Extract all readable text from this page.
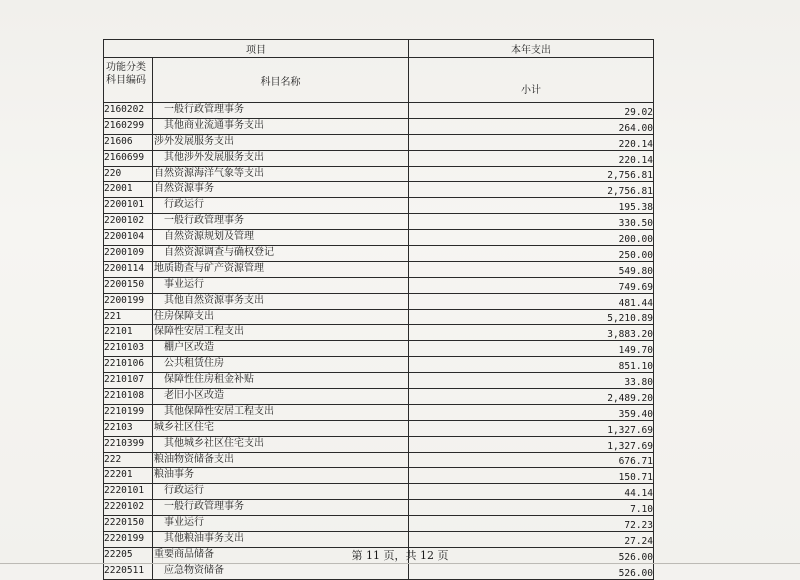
项目		本年支出

功能分类
科目编码	科目名称	小计
2160202	一般行政管理事务	29.02
2160299	其他商业流通事务支出	264.00
21606	涉外发展服务支出	220.14
2160699	其他涉外发展服务支出	220.14
220	自然资源海洋气象等支出	2,756.81
22001	自然资源事务	2,756.81
2200101	行政运行	195.38
2200102	一般行政管理事务	330.50
2200104	自然资源规划及管理	200.00
2200109	自然资源调查与确权登记	250.00
2200114	地质勘查与矿产资源管理	549.80
2200150	事业运行	749.69
2200199	其他自然资源事务支出	481.44
221	住房保障支出	5,210.89
22101	保障性安居工程支出	3,883.20
2210103	棚户区改造	149.70
2210106	公共租赁住房	851.10
2210107	保障性住房租金补贴	33.80
2210108	老旧小区改造	2,489.20
2210199	其他保障性安居工程支出	359.40
22103	城乡社区住宅	1,327.69
2210399	其他城乡社区住宅支出	1,327.69
222	粮油物资储备支出	676.71
22201	粮油事务	150.71
2220101	行政运行	44.14
2220102	一般行政管理事务	7.10
2220150	事业运行	72.23
2220199	其他粮油事务支出	27.24
22205	重要商品储备	526.00
2220511	应急物资储备	526.00
第 11 页，共 12 页
